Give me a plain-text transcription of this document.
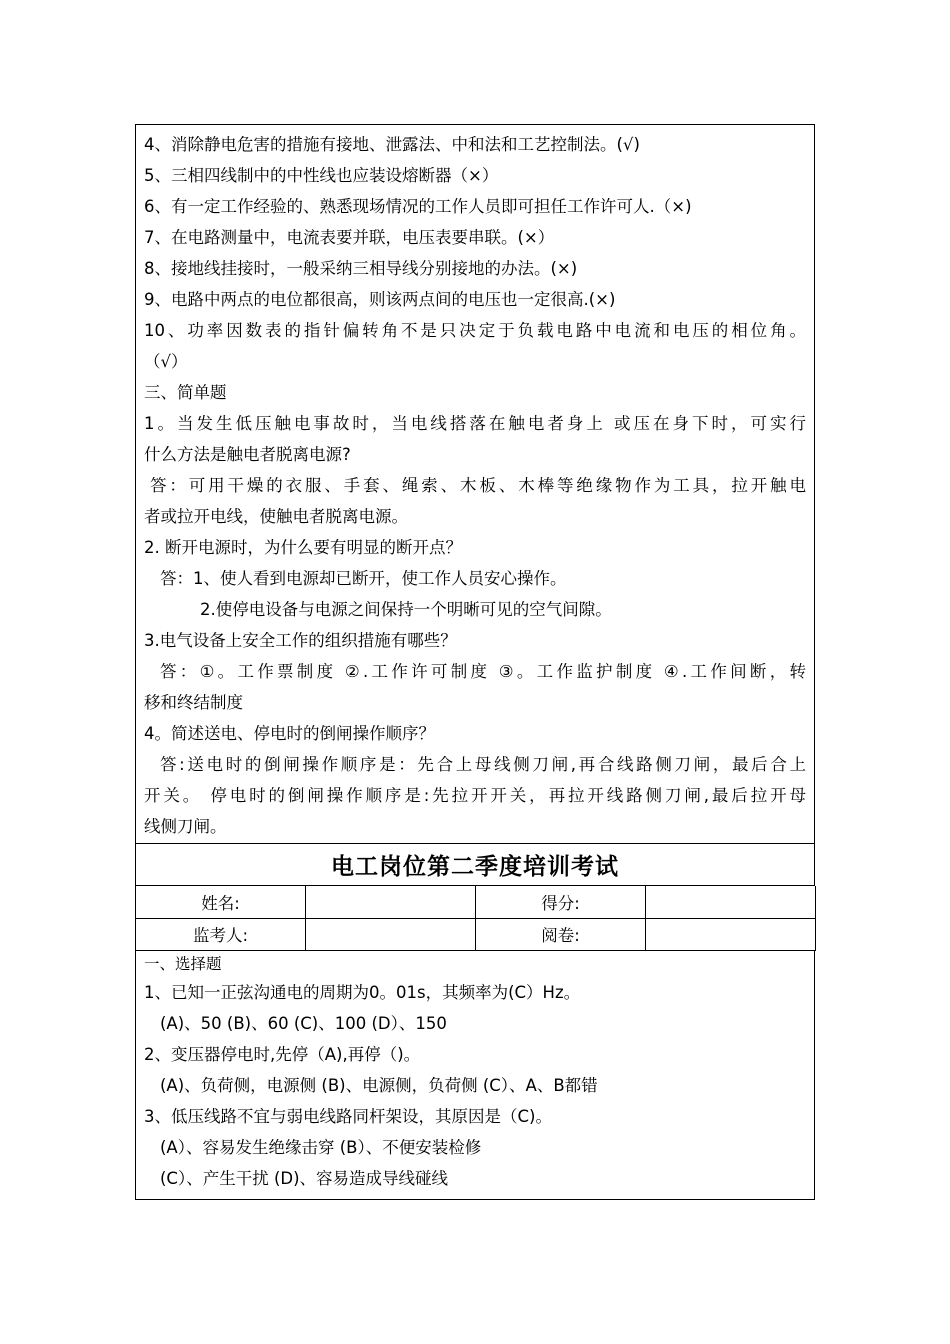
4、消除静电危害的措施有接地、泄露法、中和法和工艺控制法。(√)
5、三相四线制中的中性线也应装设熔断器（×）
6、有一定工作经验的、熟悉现场情况的工作人员即可担任工作许可人.（×)
7、在电路测量中，电流表要并联，电压表要串联。(×）
8、接地线挂接时，一般采纳三相导线分别接地的办法。(×)
9、电路中两点的电位都很高，则该两点间的电压也一定很高.(×)
10、功率因数表的指针偏转角不是只决定于负载电路中电流和电压的相位角。
（√）
三、简单题
1。当发生低压触电事故时，当电线搭落在触电者身上 或压在身下时，可实行
什么方法是触电者脱离电源?
答：可用干燥的衣服、手套、绳索、木板、木棒等绝缘物作为工具，拉开触电
者或拉开电线，使触电者脱离电源。
2. 断开电源时，为什么要有明显的断开点？
答：1、使人看到电源却已断开，使工作人员安心操作。
2.使停电设备与电源之间保持一个明晰可见的空气间隙。
3.电气设备上安全工作的组织措施有哪些？
答：①。工作票制度 ②.工作许可制度 ③。工作监护制度 ④.工作间断，转
移和终结制度
4。简述送电、停电时的倒闸操作顺序？
答:送电时的倒闸操作顺序是：先合上母线侧刀闸,再合线路侧刀闸，最后合上
开关。 停电时的倒闸操作顺序是:先拉开开关，再拉开线路侧刀闸,最后拉开母
线侧刀闸。
电工岗位第二季度培训考试
姓名:		得分:	
监考人:		阅卷:	
一、选择题
1、已知一正弦沟通电的周期为0。01s，其频率为(C）Hz。
(A)、50 (B)、60 (C)、100 (D）、150
2、变压器停电时,先停（A),再停（)。
(A)、负荷侧，电源侧 (B)、电源侧，负荷侧 (C）、A、B都错
3、低压线路不宜与弱电线路同杆架设，其原因是（C)。
(A）、容易发生绝缘击穿 (B）、不便安装检修
(C）、产生干扰 (D)、容易造成导线碰线
